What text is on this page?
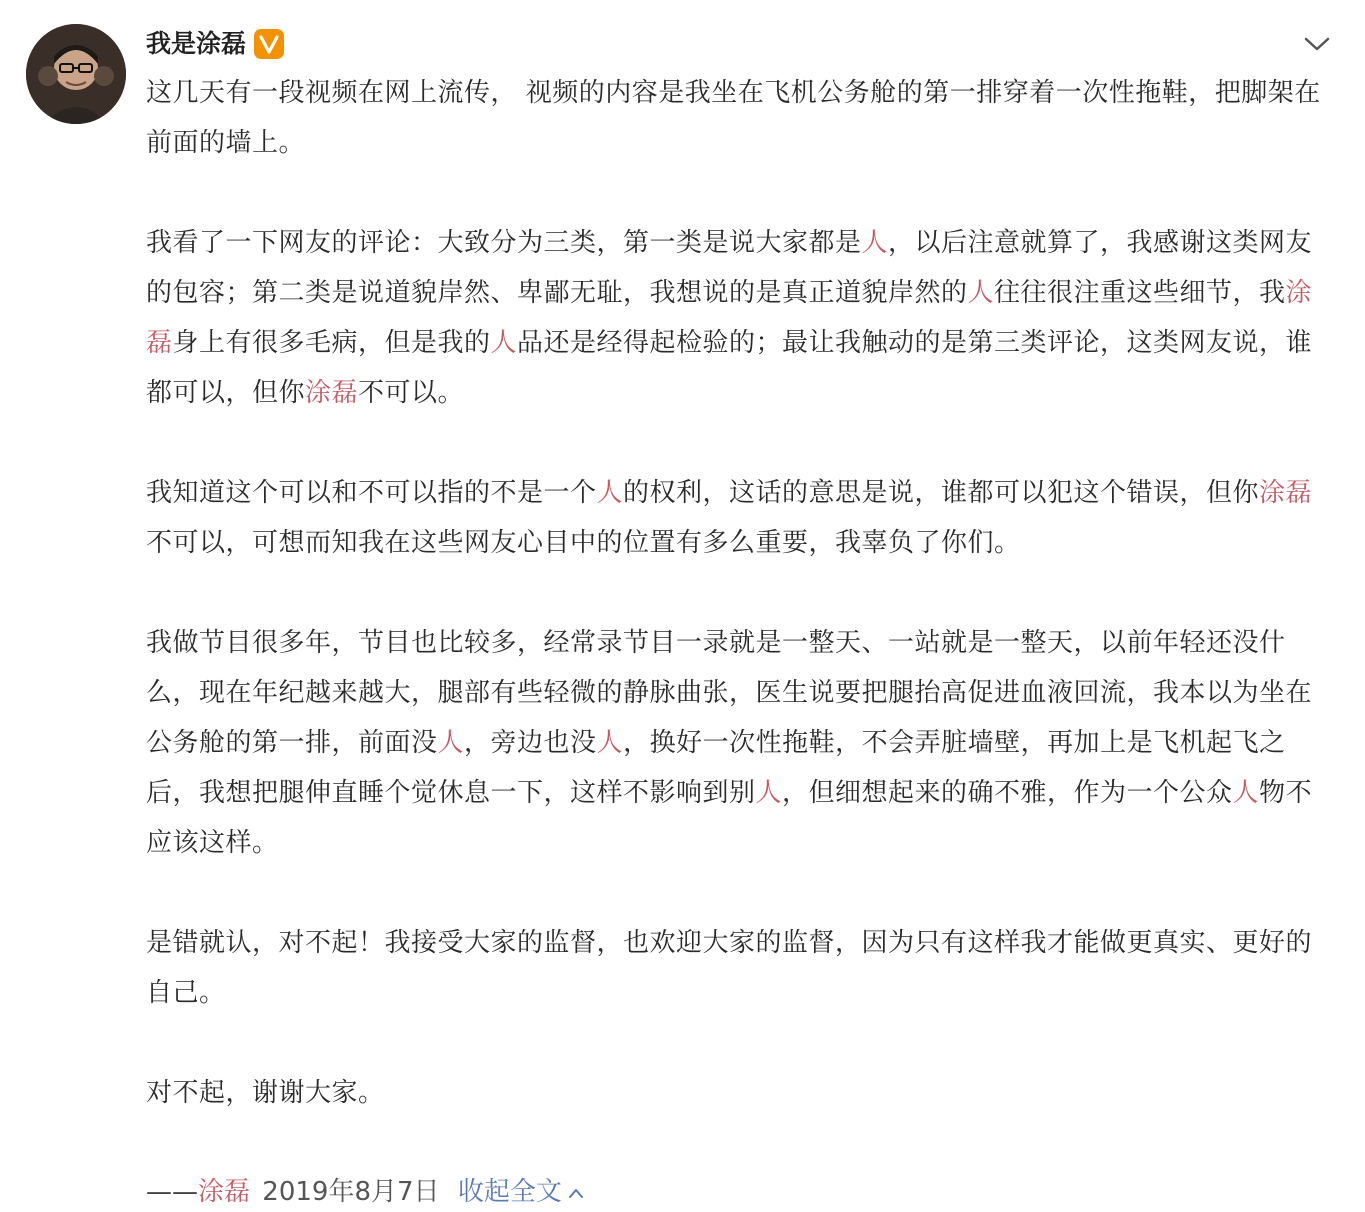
我是涂磊

这几天有一段视频在网上流传， 视频的内容是我坐在飞机公务舱的第一排穿着一次性拖鞋，把脚架在前面的墙上。

我看了一下网友的评论：大致分为三类，第一类是说大家都是人，以后注意就算了，我感谢这类网友的包容；第二类是说道貌岸然、卑鄙无耻，我想说的是真正道貌岸然的人往往很注重这些细节，我涂磊身上有很多毛病，但是我的人品还是经得起检验的；最让我触动的是第三类评论，这类网友说，谁都可以，但你涂磊不可以。

我知道这个可以和不可以指的不是一个人的权利，这话的意思是说，谁都可以犯这个错误，但你涂磊不可以，可想而知我在这些网友心目中的位置有多么重要，我辜负了你们。

我做节目很多年，节目也比较多，经常录节目一录就是一整天、一站就是一整天，以前年轻还没什么，现在年纪越来越大，腿部有些轻微的静脉曲张，医生说要把腿抬高促进血液回流，我本以为坐在公务舱的第一排，前面没人，旁边也没人，换好一次性拖鞋，不会弄脏墙壁，再加上是飞机起飞之后，我想把腿伸直睡个觉休息一下，这样不影响到别人，但细想起来的确不雅，作为一个公众人物不应该这样。

是错就认，对不起！我接受大家的监督，也欢迎大家的监督，因为只有这样我才能做更真实、更好的自己。

对不起，谢谢大家。

——涂磊 2019年8月7日 收起全文
